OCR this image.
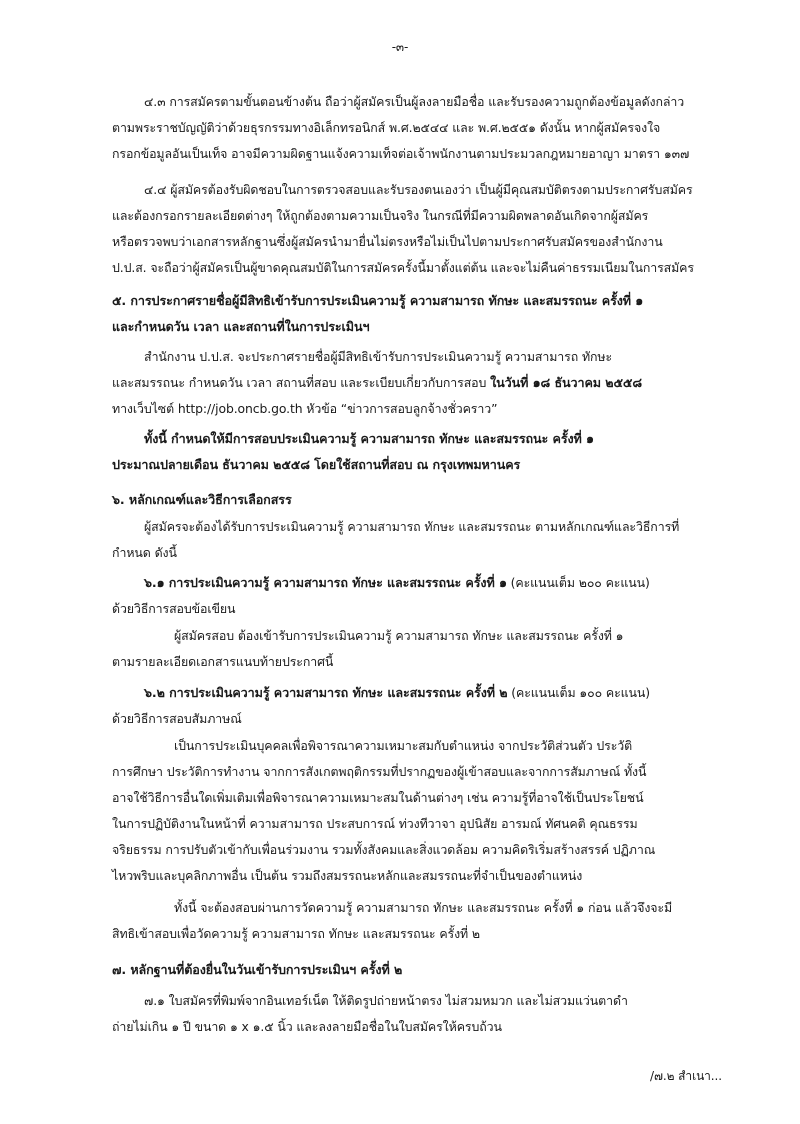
-๓-
๔.๓ การสมัครตามขั้นตอนข้างต้น ถือว่าผู้สมัครเป็นผู้ลงลายมือชื่อ และรับรองความถูกต้องข้อมูลดังกล่าว
ตามพระราชบัญญัติว่าด้วยธุรกรรมทางอิเล็กทรอนิกส์ พ.ศ.๒๕๔๔ และ พ.ศ.๒๕๕๑ ดังนั้น หากผู้สมัครจงใจ
กรอกข้อมูลอันเป็นเท็จ อาจมีความผิดฐานแจ้งความเท็จต่อเจ้าพนักงานตามประมวลกฎหมายอาญา มาตรา ๑๓๗
๔.๔ ผู้สมัครต้องรับผิดชอบในการตรวจสอบและรับรองตนเองว่า เป็นผู้มีคุณสมบัติตรงตามประกาศรับสมัคร
และต้องกรอกรายละเอียดต่างๆ ให้ถูกต้องตามความเป็นจริง ในกรณีที่มีความผิดพลาดอันเกิดจากผู้สมัคร
หรือตรวจพบว่าเอกสารหลักฐานซึ่งผู้สมัครนำมายื่นไม่ตรงหรือไม่เป็นไปตามประกาศรับสมัครของสำนักงาน
ป.ป.ส. จะถือว่าผู้สมัครเป็นผู้ขาดคุณสมบัติในการสมัครครั้งนี้มาตั้งแต่ต้น และจะไม่คืนค่าธรรมเนียมในการสมัคร
๕. การประกาศรายชื่อผู้มีสิทธิเข้ารับการประเมินความรู้ ความสามารถ ทักษะ และสมรรถนะ ครั้งที่ ๑
และกำหนดวัน เวลา และสถานที่ในการประเมินฯ
สำนักงาน ป.ป.ส. จะประกาศรายชื่อผู้มีสิทธิเข้ารับการประเมินความรู้ ความสามารถ ทักษะ
และสมรรถนะ กำหนดวัน เวลา สถานที่สอบ และระเบียบเกี่ยวกับการสอบ ในวันที่ ๑๘ ธันวาคม ๒๕๕๘
ทางเว็บไซต์ http://job.oncb.go.th หัวข้อ “ข่าวการสอบลูกจ้างชั่วคราว”
ทั้งนี้ กำหนดให้มีการสอบประเมินความรู้ ความสามารถ ทักษะ และสมรรถนะ ครั้งที่ ๑
ประมาณปลายเดือน ธันวาคม ๒๕๕๘ โดยใช้สถานที่สอบ ณ กรุงเทพมหานคร
๖. หลักเกณฑ์และวิธีการเลือกสรร
ผู้สมัครจะต้องได้รับการประเมินความรู้ ความสามารถ ทักษะ และสมรรถนะ ตามหลักเกณฑ์และวิธีการที่
กำหนด ดังนี้
๖.๑ การประเมินความรู้ ความสามารถ ทักษะ และสมรรถนะ ครั้งที่ ๑ (คะแนนเต็ม ๒๐๐ คะแนน)
ด้วยวิธีการสอบข้อเขียน
ผู้สมัครสอบ ต้องเข้ารับการประเมินความรู้ ความสามารถ ทักษะ และสมรรถนะ ครั้งที่ ๑
ตามรายละเอียดเอกสารแนบท้ายประกาศนี้
๖.๒ การประเมินความรู้ ความสามารถ ทักษะ และสมรรถนะ ครั้งที่ ๒ (คะแนนเต็ม ๑๐๐ คะแนน)
ด้วยวิธีการสอบสัมภาษณ์
เป็นการประเมินบุคคลเพื่อพิจารณาความเหมาะสมกับตำแหน่ง จากประวัติส่วนตัว ประวัติ
การศึกษา ประวัติการทำงาน จากการสังเกตพฤติกรรมที่ปรากฏของผู้เข้าสอบและจากการสัมภาษณ์ ทั้งนี้
อาจใช้วิธีการอื่นใดเพิ่มเติมเพื่อพิจารณาความเหมาะสมในด้านต่างๆ เช่น ความรู้ที่อาจใช้เป็นประโยชน์
ในการปฏิบัติงานในหน้าที่ ความสามารถ ประสบการณ์ ท่วงทีวาจา อุปนิสัย อารมณ์ ทัศนคติ คุณธรรม
จริยธรรม การปรับตัวเข้ากับเพื่อนร่วมงาน รวมทั้งสังคมและสิ่งแวดล้อม ความคิดริเริ่มสร้างสรรค์ ปฏิภาณ
ไหวพริบและบุคลิกภาพอื่น เป็นต้น รวมถึงสมรรถนะหลักและสมรรถนะที่จำเป็นของตำแหน่ง
ทั้งนี้ จะต้องสอบผ่านการวัดความรู้ ความสามารถ ทักษะ และสมรรถนะ ครั้งที่ ๑ ก่อน แล้วจึงจะมี
สิทธิเข้าสอบเพื่อวัดความรู้ ความสามารถ ทักษะ และสมรรถนะ ครั้งที่ ๒
๗. หลักฐานที่ต้องยื่นในวันเข้ารับการประเมินฯ ครั้งที่ ๒
๗.๑ ใบสมัครที่พิมพ์จากอินเทอร์เน็ต ให้ติดรูปถ่ายหน้าตรง ไม่สวมหมวก และไม่สวมแว่นตาดำ
ถ่ายไม่เกิน ๑ ปี ขนาด ๑ x ๑.๕ นิ้ว และลงลายมือชื่อในใบสมัครให้ครบถ้วน
/๗.๒ สำเนา...
